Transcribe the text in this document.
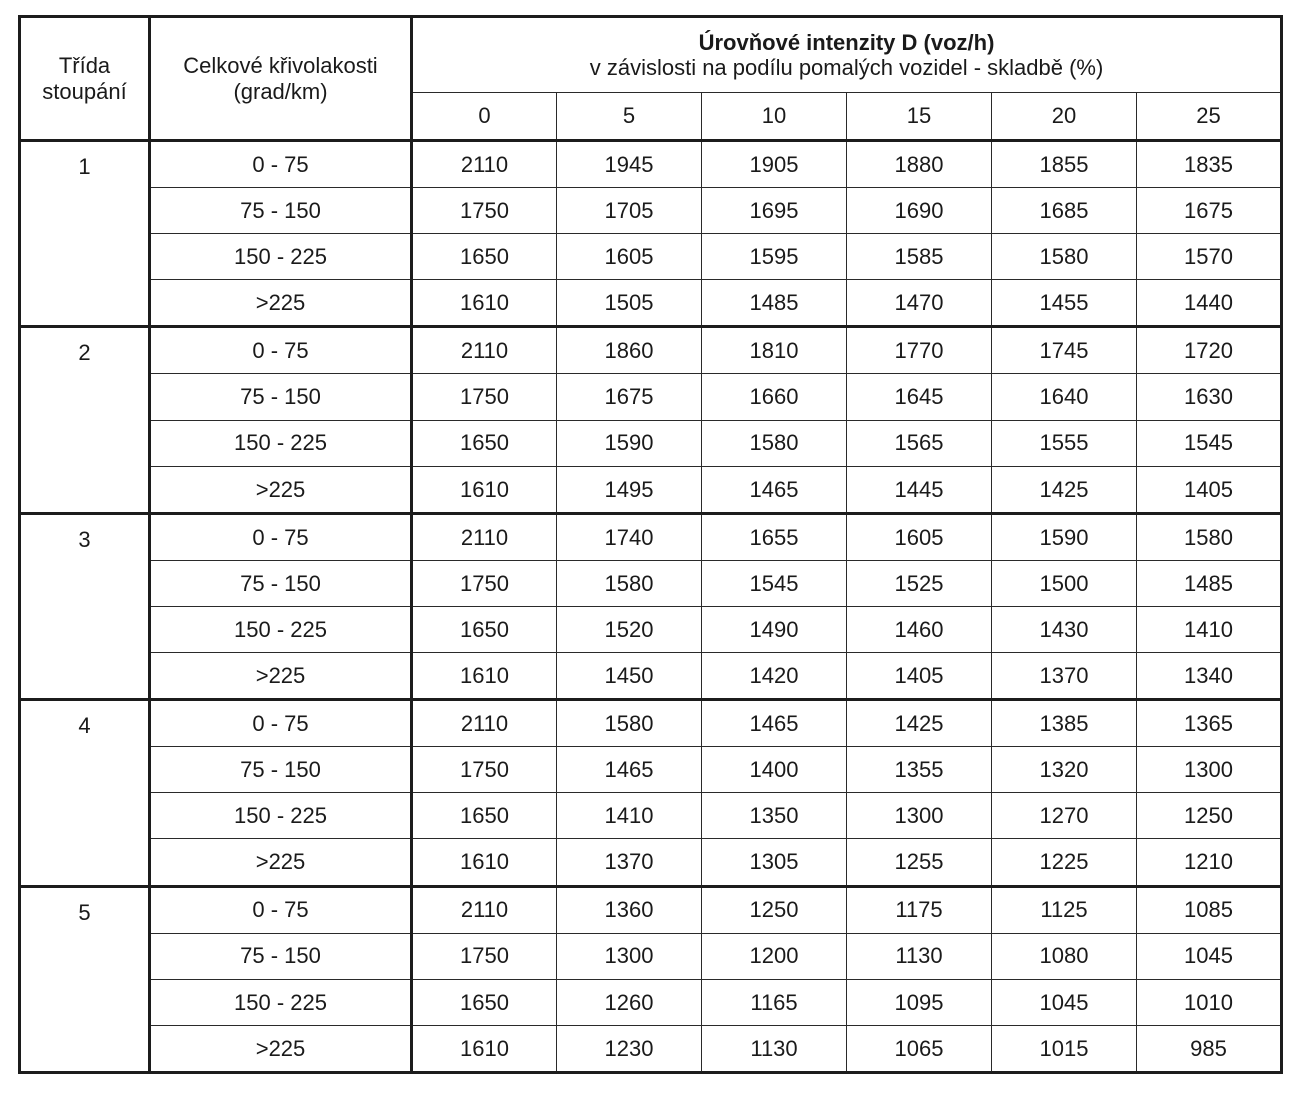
Třída
stoupání	Celkové křivolakosti
(grad/km)	Úrovňové intenzity D (voz/h)
v závislosti na podílu pomalých vozidel - skladbě (%)					

		0	5	10	15	20	25
1	0 - 75	2110	1945	1905	1880	1855	1835
	75 - 150	1750	1705	1695	1690	1685	1675
	150 - 225	1650	1605	1595	1585	1580	1570
	>225	1610	1505	1485	1470	1455	1440
2	0 - 75	2110	1860	1810	1770	1745	1720
	75 - 150	1750	1675	1660	1645	1640	1630
	150 - 225	1650	1590	1580	1565	1555	1545
	>225	1610	1495	1465	1445	1425	1405
3	0 - 75	2110	1740	1655	1605	1590	1580
	75 - 150	1750	1580	1545	1525	1500	1485
	150 - 225	1650	1520	1490	1460	1430	1410
	>225	1610	1450	1420	1405	1370	1340
4	0 - 75	2110	1580	1465	1425	1385	1365
	75 - 150	1750	1465	1400	1355	1320	1300
	150 - 225	1650	1410	1350	1300	1270	1250
	>225	1610	1370	1305	1255	1225	1210
5	0 - 75	2110	1360	1250	1175	1125	1085
	75 - 150	1750	1300	1200	1130	1080	1045
	150 - 225	1650	1260	1165	1095	1045	1010
	>225	1610	1230	1130	1065	1015	985
